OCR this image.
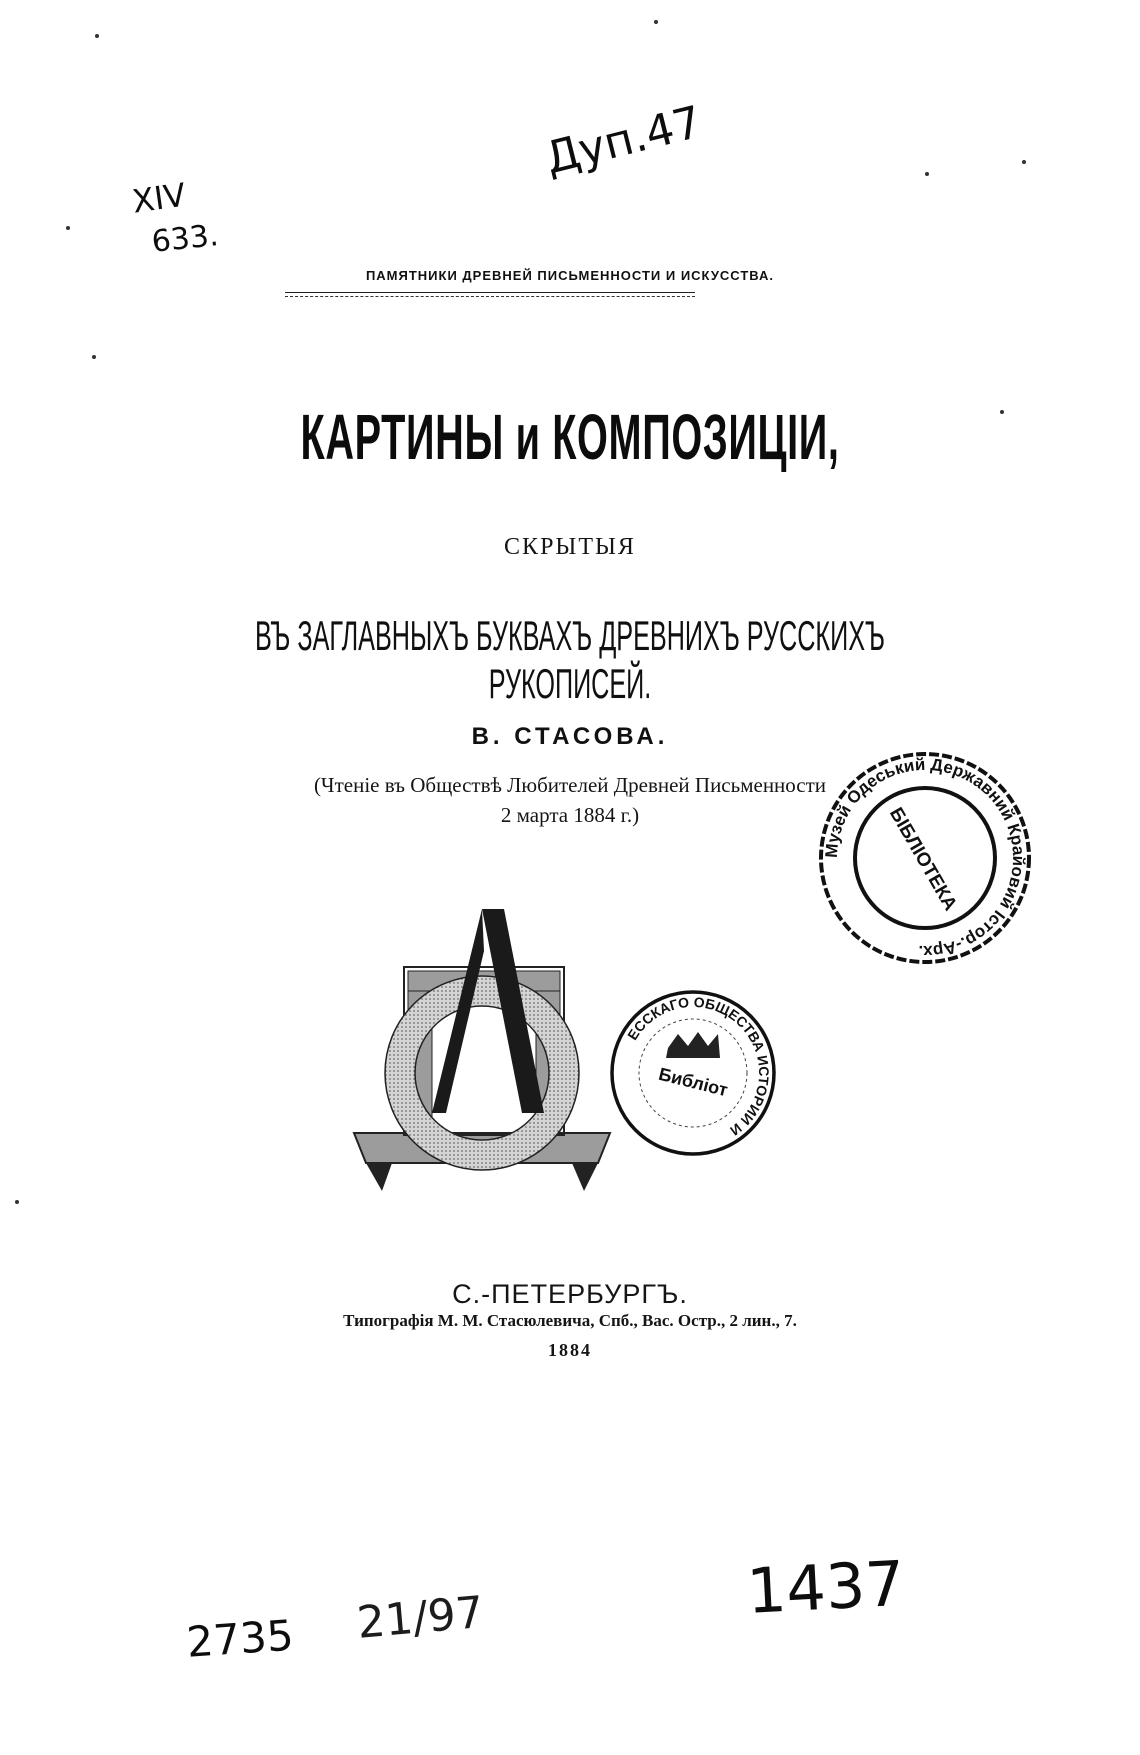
XIV
633.
Дуп.47
ПАМЯТНИКИ ДРЕВНЕЙ ПИСЬМЕННОСТИ И ИСКУССТВА.
КАРТИНЫ и КОМПОЗИЦІИ,
СКРЫТЫЯ
ВЪ ЗАГЛАВНЫХЪ БУКВАХЪ ДРЕВНИХЪ РУССКИХЪ РУКОПИСЕЙ.
В. СТАСОВА.
(Чтеніе въ Обществѣ Любителей Древней Письменности
2 марта 1884 г.)
Музей Одеський Державний Крайовий Істор.-Арх.
БІБЛІОТЕКА
ЕССКАГО ОБЩЕСТВА ИСТОРИИ И
Библіот
С.-ПЕТЕРБУРГЪ.
Типографія М. М. Стасюлевича, Спб., Вас. Остр., 2 лин., 7.
1884
1437
2735 21/97
